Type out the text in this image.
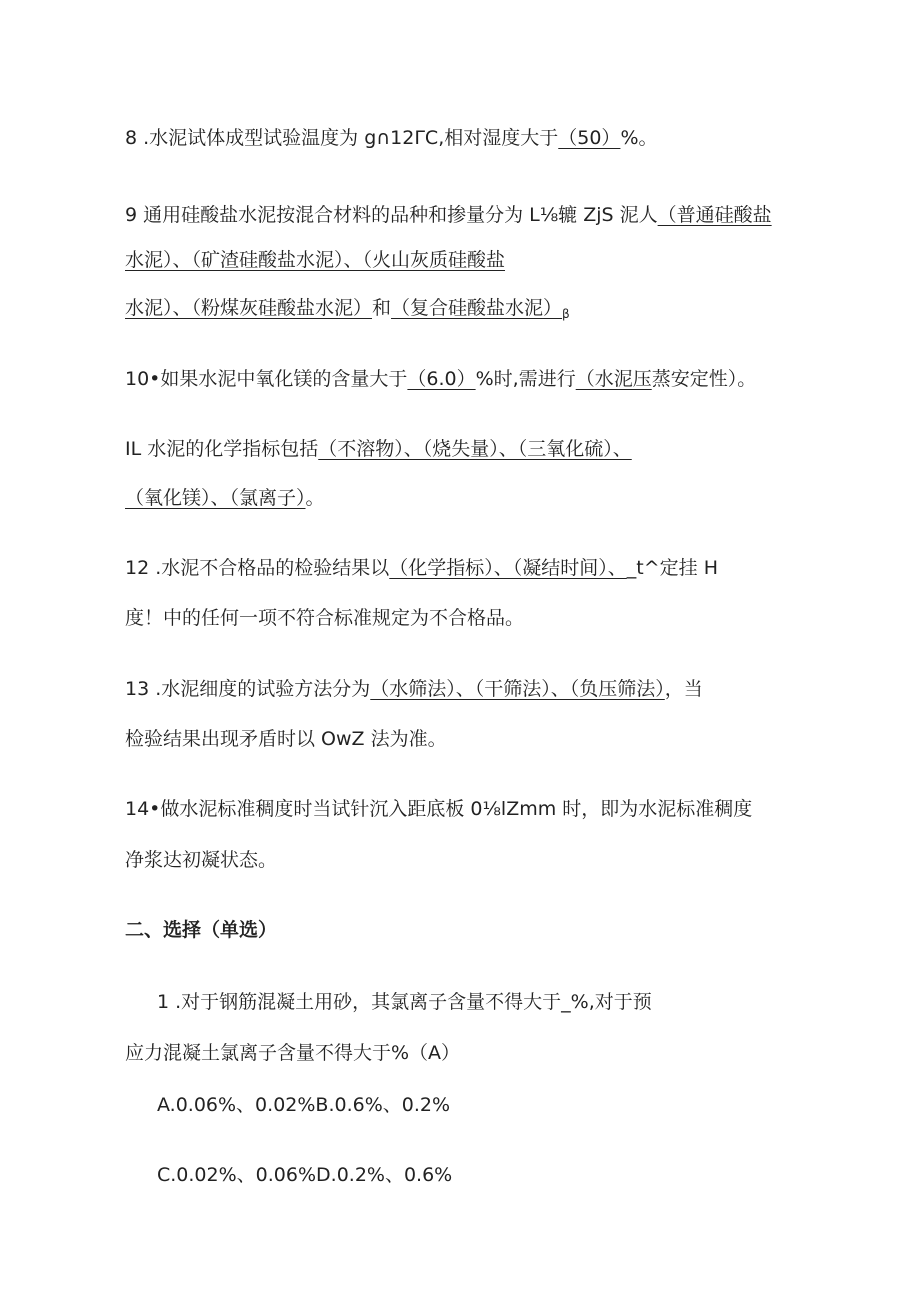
8 .水泥试体成型试验温度为 g∩12ΓC,相对湿度大于（50）%。
9 通用硅酸盐水泥按混合材料的品种和掺量分为 L⅛辘 ZjS 泥人（普通硅酸盐
水泥）、（矿渣硅酸盐水泥）、（火山灰质硅酸盐
水泥）、（粉煤灰硅酸盐水泥）和（复合硅酸盐水泥）$_\beta$
10•如果水泥中氧化镁的含量大于（6.0）%时,需进行（水泥压蒸安定性）。
IL 水泥的化学指标包括（不溶物）、（烧失量）、（三氧化硫）、
（氧化镁）、（氯离子）。
12 .水泥不合格品的检验结果以（化学指标）、（凝结时间）、_t^定挂 H
度！中的任何一项不符合标准规定为不合格品。
13 .水泥细度的试验方法分为（水筛法）、（干筛法）、（负压筛法），当
检验结果出现矛盾时以 OwZ 法为准。
14•做水泥标准稠度时当试针沉入距底板 0⅛lZmm 时，即为水泥标准稠度
净浆达初凝状态。
二、选择（单选）
1 .对于钢筋混凝土用砂，其氯离子含量不得大于_%,对于预
应力混凝土氯离子含量不得大于%（A）
A.0.06%、0.02%B.0.6%、0.2%
C.0.02%、0.06%D.0.2%、0.6%
